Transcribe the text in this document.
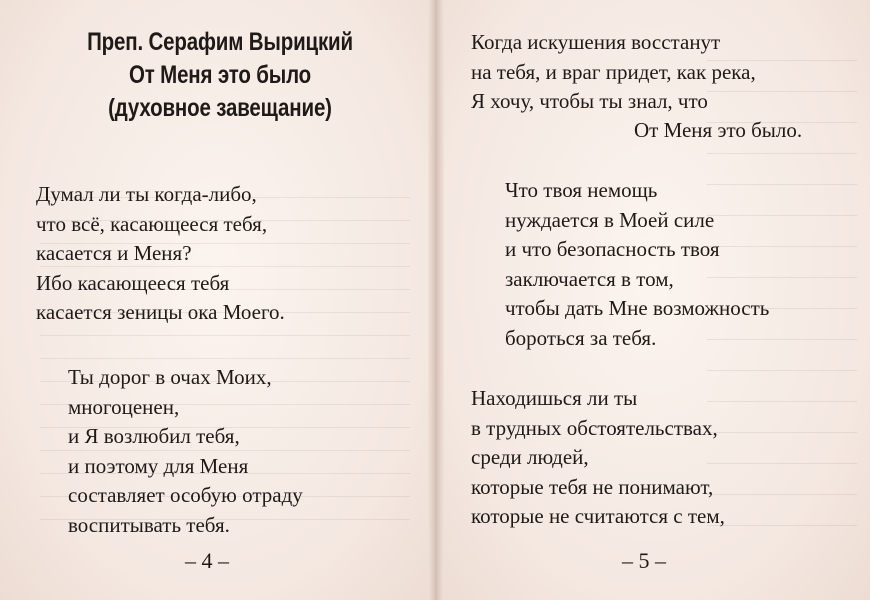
Преп. Серафим Вырицкий
От Меня это было
(духовное завещание)
Думал ли ты когда-либо,
что всё, касающееся тебя,
касается и Меня?
Ибо касающееся тебя
касается зеницы ока Моего.
Ты дорог в очах Моих,
многоценен,
и Я возлюбил тебя,
и поэтому для Меня
составляет особую отраду
воспитывать тебя.
– 4 –
Когда искушения восстанут
на тебя, и враг придет, как река,
Я хочу, чтобы ты знал, что
От Меня это было.
Что твоя немощь
нуждается в Моей силе
и что безопасность твоя
заключается в том,
чтобы дать Мне возможность
бороться за тебя.
Находишься ли ты
в трудных обстоятельствах,
среди людей,
которые тебя не понимают,
которые не считаются с тем,
– 5 –
